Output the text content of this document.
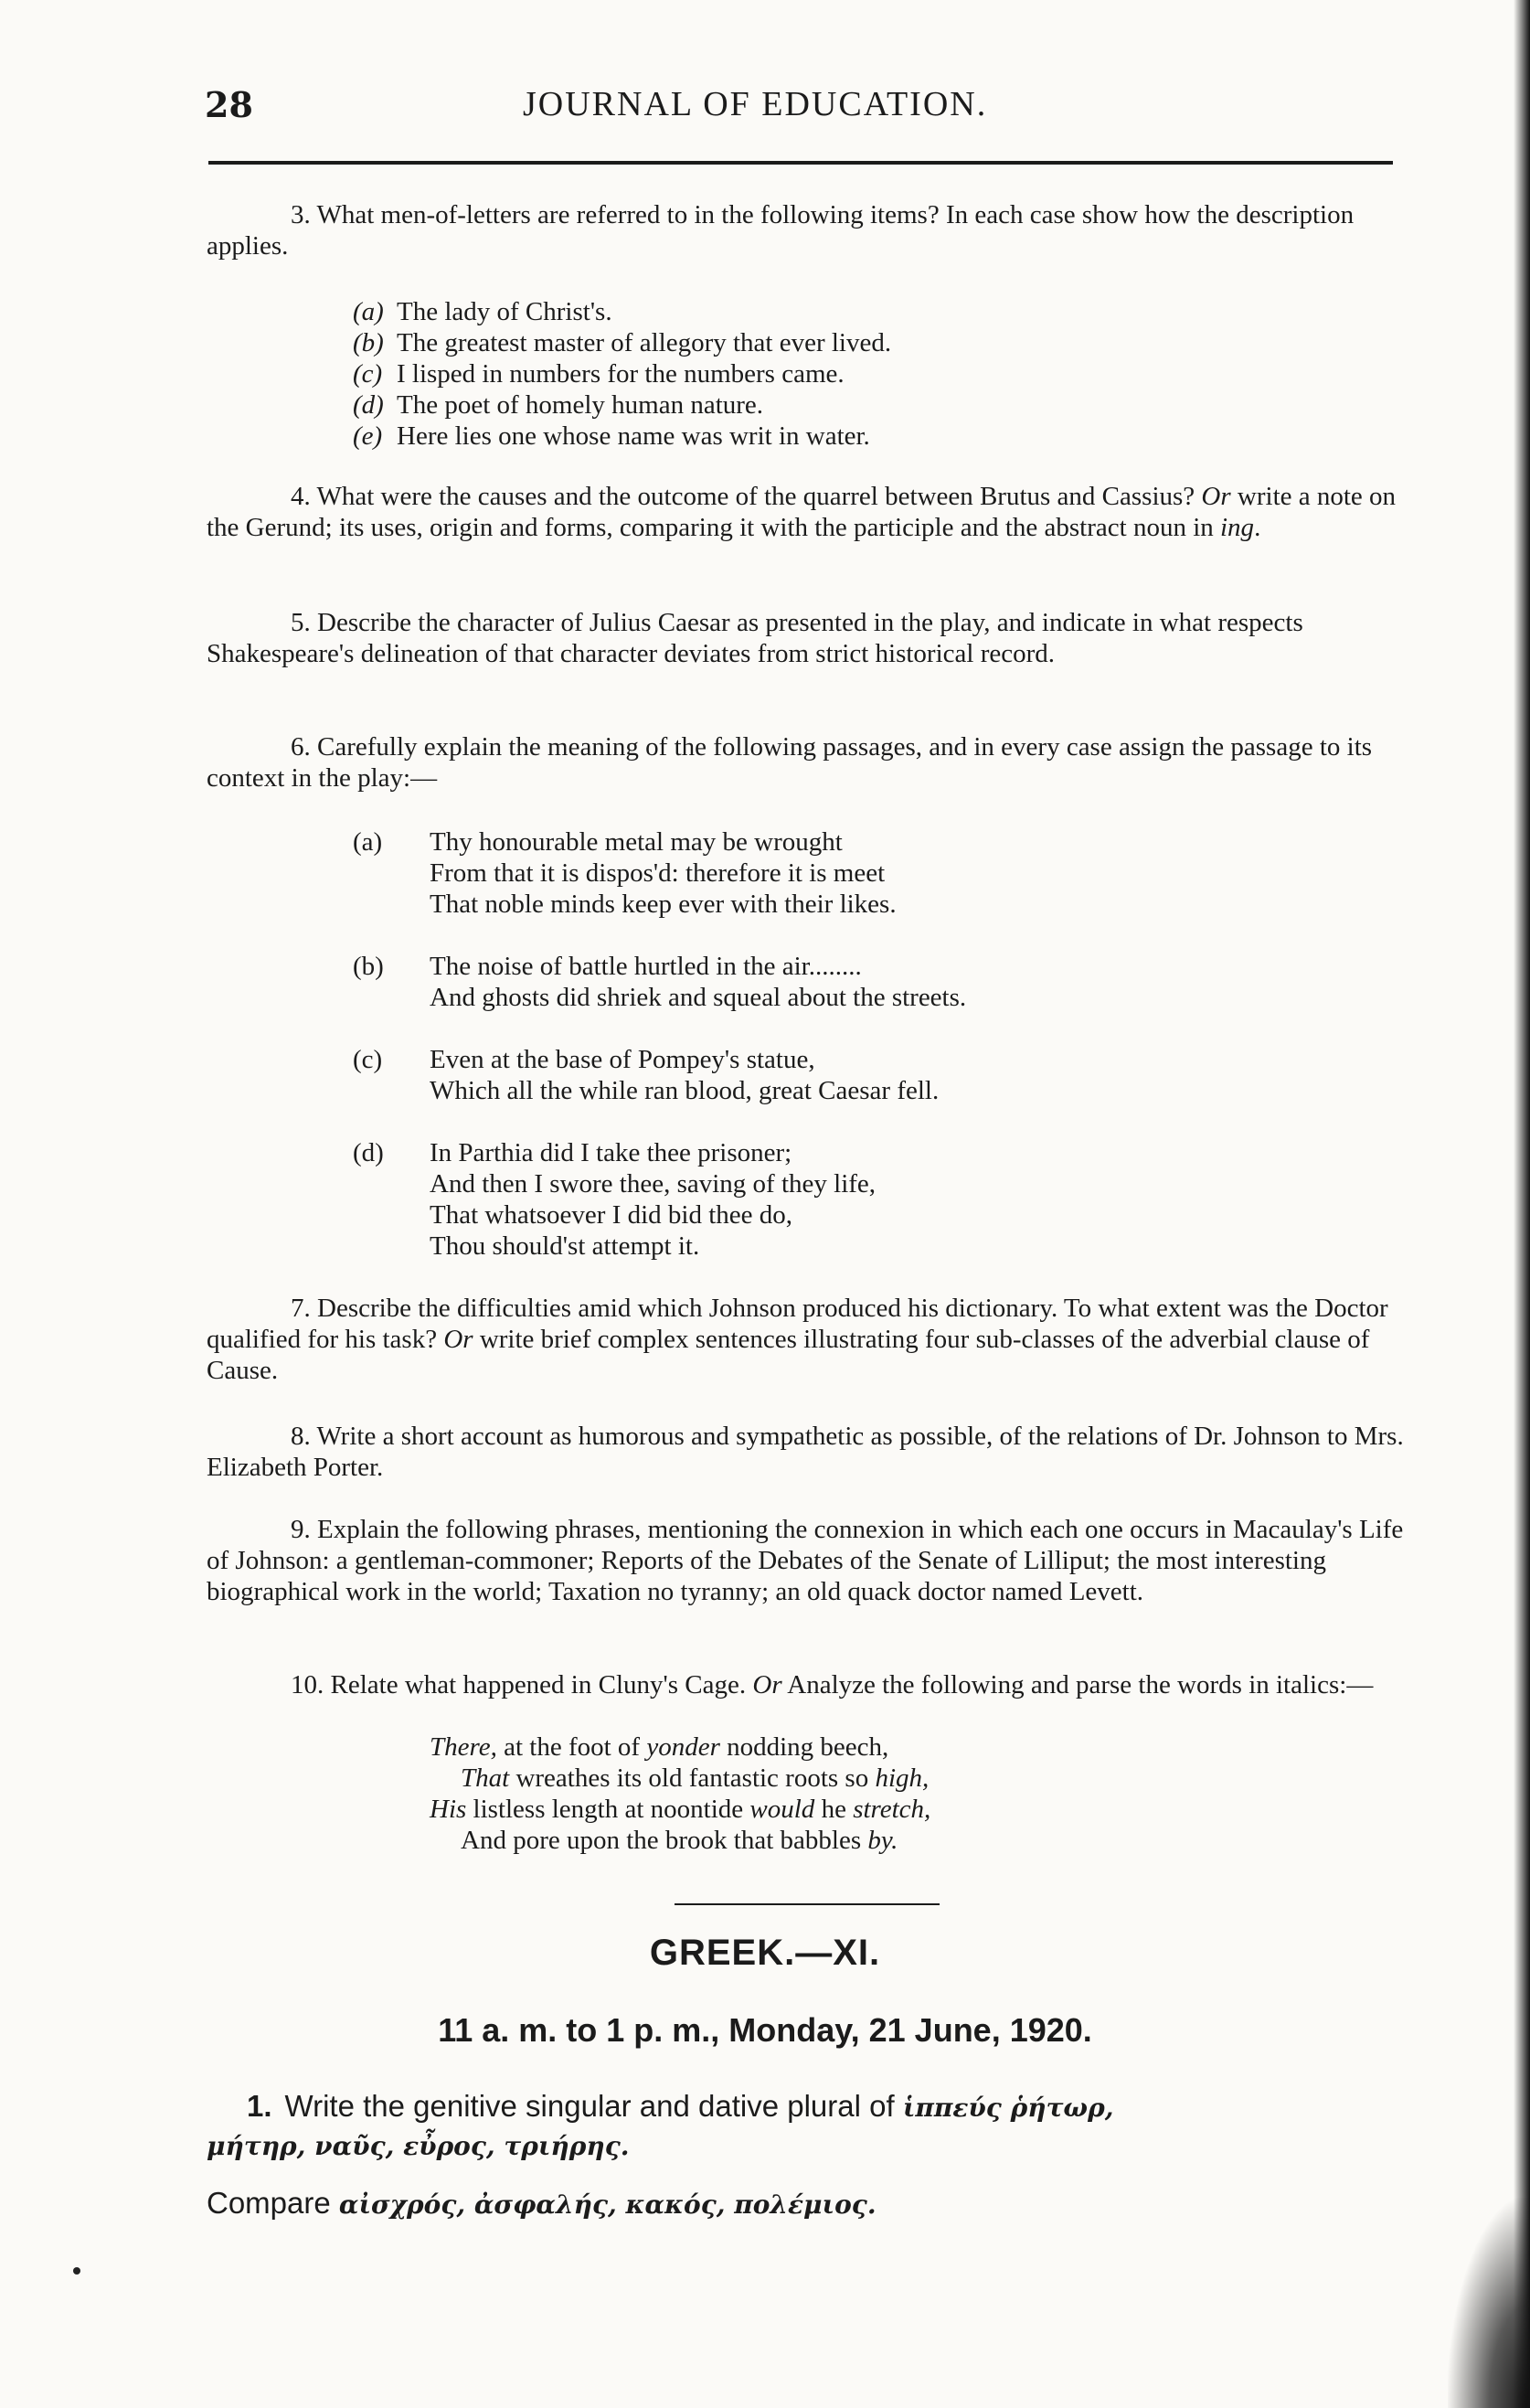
28	JOURNAL OF EDUCATION.

3. What men-of-letters are referred to in the following items? In each case show how the description applies.

(a) The lady of Christ's.
(b) The greatest master of allegory that ever lived.
(c) I lisped in numbers for the numbers came.
(d) The poet of homely human nature.
(e) Here lies one whose name was writ in water.

4. What were the causes and the outcome of the quarrel between Brutus and Cassius? Or write a note on the Gerund; its uses, origin and forms, comparing it with the participle and the abstract noun in ing.

5. Describe the character of Julius Caesar as presented in the play, and indicate in what respects Shakespeare's delineation of that character deviates from strict historical record.

6. Carefully explain the meaning of the following passages, and in every case assign the passage to its context in the play:—

(a)	Thy honourable metal may be wrought
From that it is dispos'd: therefore it is meet
That noble minds keep ever with their likes.
(b)	The noise of battle hurtled in the air........
And ghosts did shriek and squeal about the streets.
(c)	Even at the base of Pompey's statue,
Which all the while ran blood, great Caesar fell.
(d)	In Parthia did I take thee prisoner;
And then I swore thee, saving of they life,
That whatsoever I did bid thee do,
Thou should'st attempt it.

7. Describe the difficulties amid which Johnson produced his dictionary. To what extent was the Doctor qualified for his task? Or write brief complex sentences illustrating four sub-classes of the adverbial clause of Cause.

8. Write a short account as humorous and sympathetic as possible, of the relations of Dr. Johnson to Mrs. Elizabeth Porter.

9. Explain the following phrases, mentioning the connexion in which each one occurs in Macaulay's Life of Johnson: a gentleman-commoner; Reports of the Debates of the Senate of Lilliput; the most interesting biographical work in the world; Taxation no tyranny; an old quack doctor named Levett.

10. Relate what happened in Cluny's Cage. Or Analyze the following and parse the words in italics:—

There, at the foot of yonder nodding beech,
That wreathes its old fantastic roots so high,
His listless length at noontide would he stretch,
And pore upon the brook that babbles by.
GREEK.—XI.
11 a. m. to 1 p. m., Monday, 21 June, 1920.
1. Write the genitive singular and dative plural of ἱππεύς ῥήτωρ,
μήτηρ, ναῦς, εὖρος, τριήρης.
Compare αἰσχρός, ἀσφαλής, κακός, πολέμιος.
